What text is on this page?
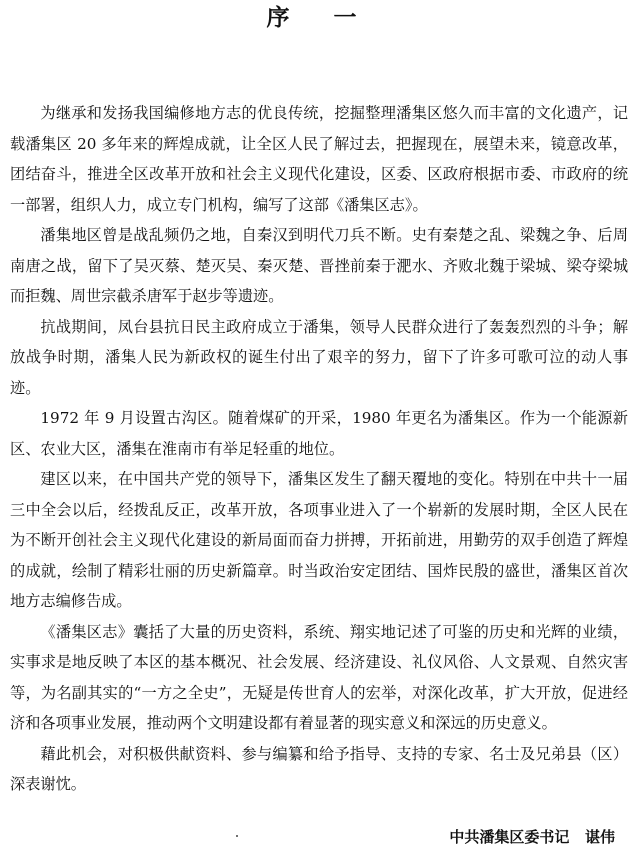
序 一

为继承和发扬我国编修地方志的优良传统，挖掘整理潘集区悠久而丰富的文化遗产，记载潘集区 20 多年来的辉煌成就，让全区人民了解过去，把握现在，展望未来，镜意改革，团结奋斗，推进全区改革开放和社会主义现代化建设，区委、区政府根据市委、市政府的统一部署，组织人力，成立专门机构，编写了这部《潘集区志》。

潘集地区曾是战乱频仍之地，自秦汉到明代刀兵不断。史有秦楚之乱、梁魏之争、后周南唐之战，留下了吴灭蔡、楚灭吴、秦灭楚、晋挫前秦于淝水、齐败北魏于梁城、梁夺梁城而拒魏、周世宗截杀唐军于赵步等遗迹。

抗战期间，凤台县抗日民主政府成立于潘集，领导人民群众进行了轰轰烈烈的斗争；解放战争时期，潘集人民为新政权的诞生付出了艰辛的努力，留下了许多可歌可泣的动人事迹。

1972 年 9 月设置古沟区。随着煤矿的开采，1980 年更名为潘集区。作为一个能源新区、农业大区，潘集在淮南市有举足轻重的地位。

建区以来，在中国共产党的领导下，潘集区发生了翻天覆地的变化。特别在中共十一届三中全会以后，经拨乱反正，改革开放，各项事业进入了一个崭新的发展时期，全区人民在为不断开创社会主义现代化建设的新局面而奋力拼搏，开拓前进，用勤劳的双手创造了辉煌的成就，绘制了精彩壮丽的历史新篇章。时当政治安定团结、国炸民殷的盛世，潘集区首次地方志编修告成。

《潘集区志》囊括了大量的历史资料，系统、翔实地记述了可鉴的历史和光辉的业绩，实事求是地反映了本区的基本概况、社会发展、经济建设、礼仪风俗、人文景观、自然灾害等，为名副其实的“一方之全史”，无疑是传世育人的宏举，对深化改革，扩大开放，促进经济和各项事业发展，推动两个文明建设都有着显著的现实意义和深远的历史意义。

藉此机会，对积极供献资料、参与编纂和给予指导、支持的专家、名士及兄弟县（区）深表谢忱。

中共潘集区委书记   谌伟
